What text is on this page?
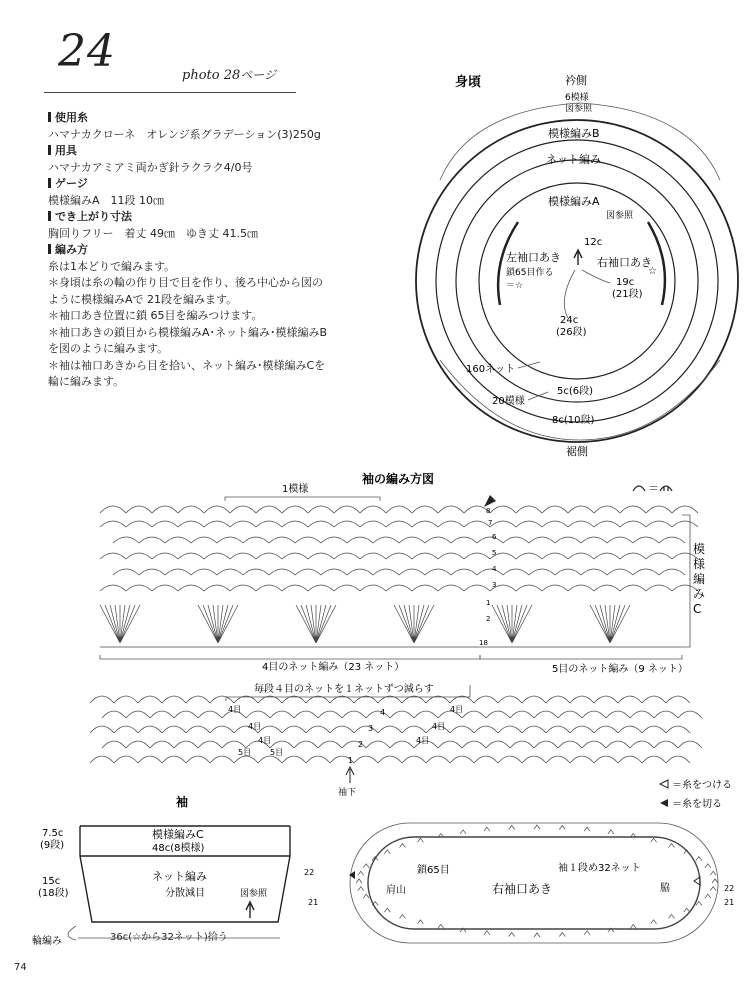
24	photo 28ページ
使用糸

ハマナカクローネ　オレンジ系グラデーション(3)250g

用具

ハマナカアミアミ両かぎ針ラクラク4/0号

ゲージ

模様編みA　11段 10㎝

でき上がり寸法

胸回りフリー　着丈 49㎝　ゆき丈 41.5㎝

編み方

糸は1本どりで編みます。

＊身頃は糸の輪の作り目で目を作り、後ろ中心から図のように模様編みAで 21段を編みます。

＊袖口あき位置に鎖 65目を編みつけます。

＊袖口あきの鎖目から模様編みA･ネット編み･模様編みBを図のように編みます。

＊袖は袖口あきから目を拾い、ネット編み･模様編みCを輪に編みます。

身頃	衿側
6模様
図参照
模様編みB
ネット編み
模様編みA
図参照
12c
左袖口あき
鎖65目作る
＝☆
右袖口あき
☆
19c
(21段)
24c
(26段)
160ネット
20模様
5c(6段)
8c(10段)
裾側
袖の編み方図
＝
1模様
模
様
編
み
C
18
2
1
3
4
5
6
7
8
4目のネット編み（23 ネット）	5目のネット編み（9 ネット）
毎段４目のネットを１ネットずつ減らす
4目	4目
4目	4目
4目
5目 5目
4目
4
3
2
1
袖下
＝糸をつける
＝糸を切る
袖
模様編みC
48c(8模様)
ネット編み
分散減目	図参照
7.5c
(9段)
15c
(18段)
36c(☆から32ネット)拾う
輪編み
鎖65目	袖１段め32ネット
肩山	右袖口あき	脇
22
21
22
21
74
